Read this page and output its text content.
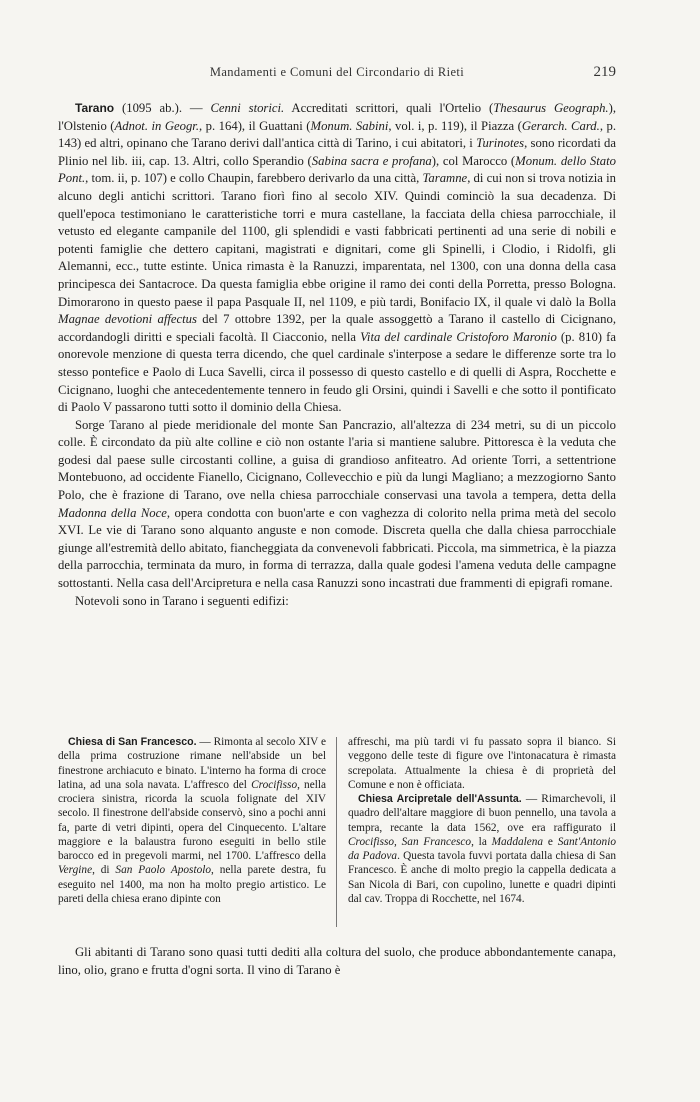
Mandamenti e Comuni del Circondario di Rieti	219

Tarano (1095 ab.). — Cenni storici. Accreditati scrittori, quali l'Ortelio (Thesaurus Geograph.), l'Olstenio (Adnot. in Geogr., p. 164), il Guattani (Monum. Sabini, vol. i, p. 119), il Piazza (Gerarch. Card., p. 143) ed altri, opinano che Tarano derivi dall'antica città di Tarino, i cui abitatori, i Turinotes, sono ricordati da Plinio nel lib. iii, cap. 13. Altri, collo Sperandio (Sabina sacra e profana), col Marocco (Monum. dello Stato Pont., tom. ii, p. 107) e collo Chaupin, farebbero derivarlo da una città, Taramne, di cui non si trova notizia in alcuno degli antichi scrittori. Tarano fiorì fino al secolo XIV. Quindi cominciò la sua decadenza. Di quell'epoca testimoniano le caratteristiche torri e mura castellane, la facciata della chiesa parrocchiale, il vetusto ed elegante campanile del 1100, gli splendidi e vasti fabbricati pertinenti ad una serie di nobili e potenti famiglie che dettero capitani, magistrati e dignitari, come gli Spinelli, i Clodio, i Ridolfi, gli Alemanni, ecc., tutte estinte. Unica rimasta è la Ranuzzi, imparentata, nel 1300, con una donna della casa principesca dei Santacroce. Da questa famiglia ebbe origine il ramo dei conti della Porretta, presso Bologna. Dimorarono in questo paese il papa Pasquale II, nel 1109, e più tardi, Bonifacio IX, il quale vi dalò la Bolla Magnae devotioni affectus del 7 ottobre 1392, per la quale assoggettò a Tarano il castello di Cicignano, accordandogli diritti e speciali facoltà. Il Ciacconio, nella Vita del cardinale Cristoforo Maronio (p. 810) fa onorevole menzione di questa terra dicendo, che quel cardinale s'interpose a sedare le differenze sorte tra lo stesso pontefice e Paolo di Luca Savelli, circa il possesso di questo castello e di quelli di Aspra, Rocchette e Cicignano, luoghi che antecedentemente tennero in feudo gli Orsini, quindi i Savelli e che sotto il pontificato di Paolo V passarono tutti sotto il dominio della Chiesa.

Sorge Tarano al piede meridionale del monte San Pancrazio, all'altezza di 234 metri, su di un piccolo colle. È circondato da più alte colline e ciò non ostante l'aria si mantiene salubre. Pittoresca è la veduta che godesi dal paese sulle circostanti colline, a guisa di grandioso anfiteatro. Ad oriente Torri, a settentrione Montebuono, ad occidente Fianello, Cicignano, Collevecchio e più da lungi Magliano; a mezzogiorno Santo Polo, che è frazione di Tarano, ove nella chiesa parrocchiale conservasi una tavola a tempera, detta della Madonna della Noce, opera condotta con buon'arte e con vaghezza di colorito nella prima metà del secolo XVI. Le vie di Tarano sono alquanto anguste e non comode. Discreta quella che dalla chiesa parrocchiale giunge all'estremità dello abitato, fiancheggiata da convenevoli fabbricati. Piccola, ma simmetrica, è la piazza della parrocchia, terminata da muro, in forma di terrazza, dalla quale godesi l'amena veduta delle campagne sottostanti. Nella casa dell'Arcipretura e nella casa Ranuzzi sono incastrati due frammenti di epigrafi romane.

Notevoli sono in Tarano i seguenti edifizi:

Chiesa di San Francesco. — Rimonta al secolo XIV e della prima costruzione rimane nell'abside un bel finestrone archiacuto e binato. L'interno ha forma di croce latina, ad una sola navata. L'affresco del Crocifisso, nella crociera sinistra, ricorda la scuola folignate del XIV secolo. Il finestrone dell'abside conservò, sino a pochi anni fa, parte di vetri dipinti, opera del Cinquecento. L'altare maggiore e la balaustra furono eseguiti in bello stile barocco ed in pregevoli marmi, nel 1700. L'affresco della Vergine, di San Paolo Apostolo, nella parete destra, fu eseguito nel 1400, ma non ha molto pregio artistico. Le pareti della chiesa erano dipinte con

affreschi, ma più tardi vi fu passato sopra il bianco. Si veggono delle teste di figure ove l'intonacatura è rimasta screpolata. Attualmente la chiesa è di proprietà del Comune e non è officiata.

Chiesa Arcipretale dell'Assunta. — Rimarchevoli, il quadro dell'altare maggiore di buon pennello, una tavola a tempra, recante la data 1562, ove era raffigurato il Crocifisso, San Francesco, la Maddalena e Sant'Antonio da Padova. Questa tavola fuvvi portata dalla chiesa di San Francesco. È anche di molto pregio la cappella dedicata a San Nicola di Bari, con cupolino, lunette e quadri dipinti dal cav. Troppa di Rocchette, nel 1674.

Gli abitanti di Tarano sono quasi tutti dediti alla coltura del suolo, che produce abbondantemente canapa, lino, olio, grano e frutta d'ogni sorta. Il vino di Tarano è
